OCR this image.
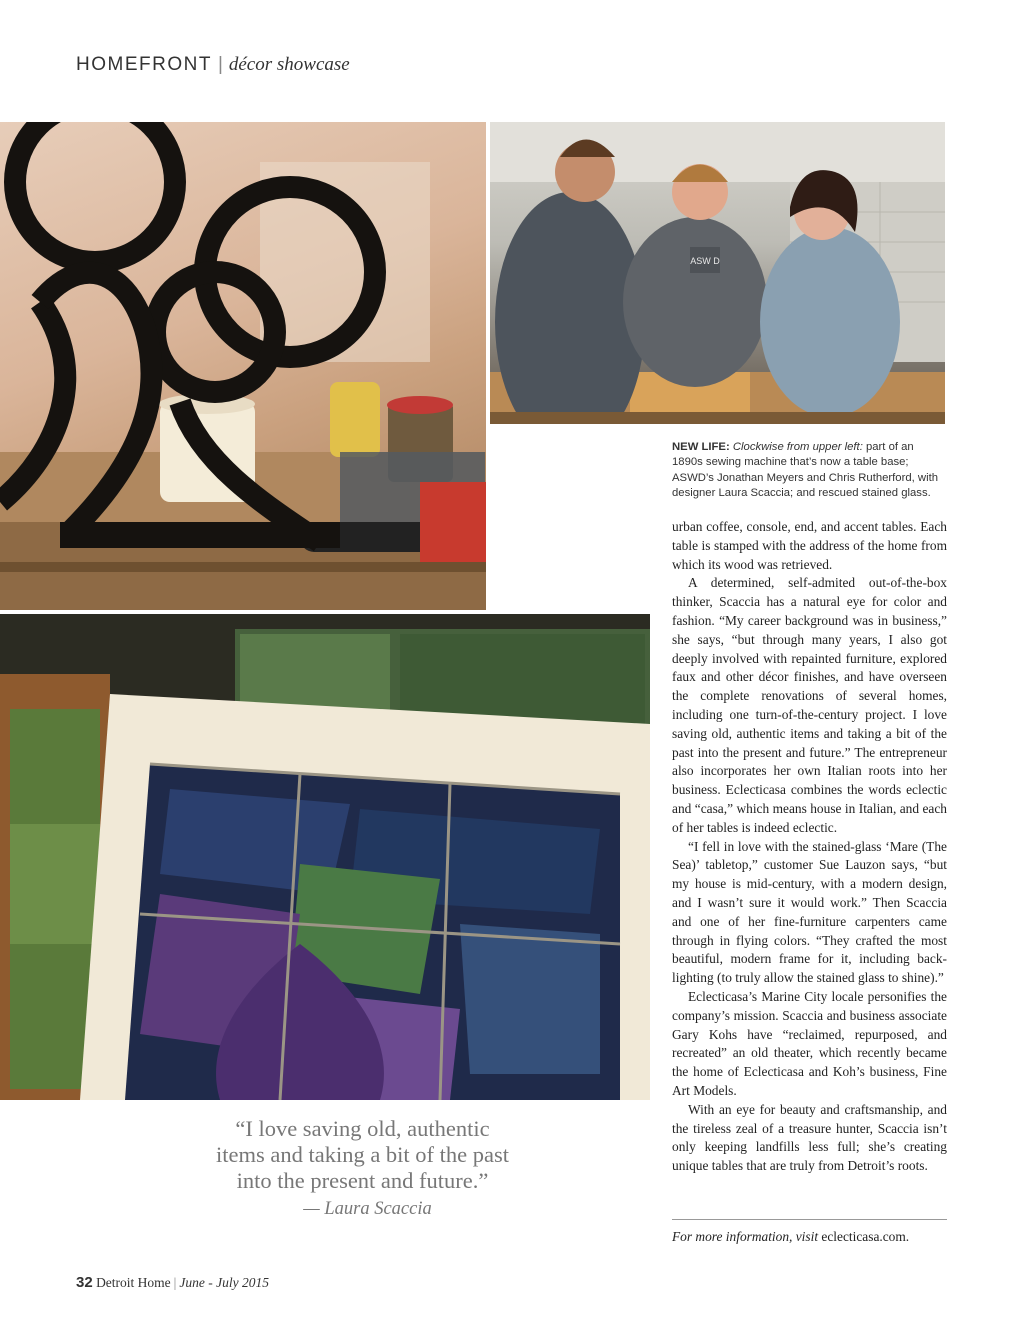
HOMEFRONT | décor showcase
ASW D
NEW LIFE: Clockwise from upper left: part of an 1890s sewing machine that’s now a table base; ASWD’s Jonathan Meyers and Chris Rutherford, with designer Laura Scaccia; and rescued stained glass.

urban coffee, console, end, and accent tables. Each table is stamped with the address of the home from which its wood was retrieved.

A determined, self-admited out-of-the-box thinker, Scaccia has a natural eye for color and fashion. “My career background was in business,” she says, “but through many years, I also got deeply involved with repainted furniture, explored faux and other décor finishes, and have overseen the complete renovations of several homes, including one turn-of-the-century project. I love saving old, authentic items and taking a bit of the past into the present and future.” The entrepreneur also incorporates her own Italian roots into her business. Eclecticasa combines the words eclectic and “casa,” which means house in Italian, and each of her tables is indeed eclectic.

“I fell in love with the stained-glass ‘Mare (The Sea)’ tabletop,” customer Sue Lauzon says, “but my house is mid-century, with a modern design, and I wasn’t sure it would work.” Then Scaccia and one of her fine-furniture carpenters came through in flying colors. “They crafted the most beautiful, modern frame for it, including back-lighting (to truly allow the stained glass to shine).”

Eclecticasa’s Marine City locale personifies the company’s mission. Scaccia and business associate Gary Kohs have “reclaimed, repurposed, and recreated” an old theater, which recently became the home of Eclecticasa and Koh’s business, Fine Art Models.

With an eye for beauty and craftsmanship, and the tireless zeal of a treasure hunter, Scaccia isn’t only keeping landfills less full; she’s creating unique tables that are truly from Detroit’s roots.

For more information, visit eclecticasa.com.
“I love saving old, authentic
items and taking a bit of the past
into the present and future.”
— Laura Scaccia
32 Detroit Home | June - July 2015
